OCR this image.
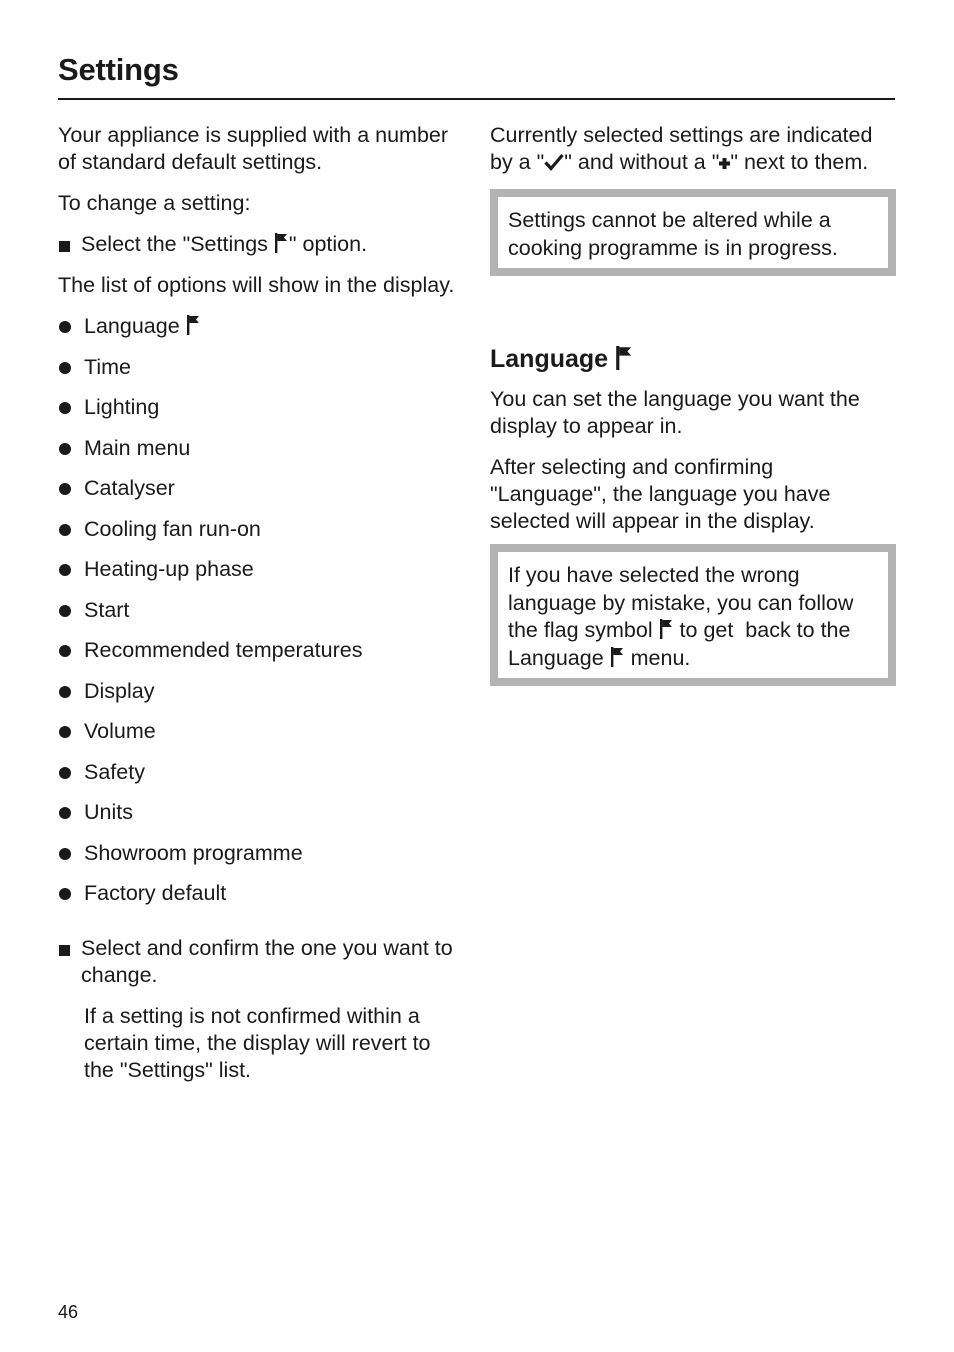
Settings

Your appliance is supplied with a number of standard default settings.

To change a setting:

Select the "Settings " option.

The list of options will show in the display.

Language
Time
Lighting
Main menu
Catalyser
Cooling fan run-on
Heating-up phase
Start
Recommended temperatures
Display
Volume
Safety
Units
Showroom programme
Factory default
Select and confirm the one you want to change.

If a setting is not confirmed within a certain time, the display will revert to the "Settings" list.

Currently selected settings are indicated by a " " and without a " " next to them.

Settings cannot be altered while a cooking programme is in progress.

Language

You can set the language you want the display to appear in.

After selecting and confirming "Language", the language you have selected will appear in the display.

If you have selected the wrong language by mistake, you can follow the flag symbol  to get  back to the Language  menu.

46
